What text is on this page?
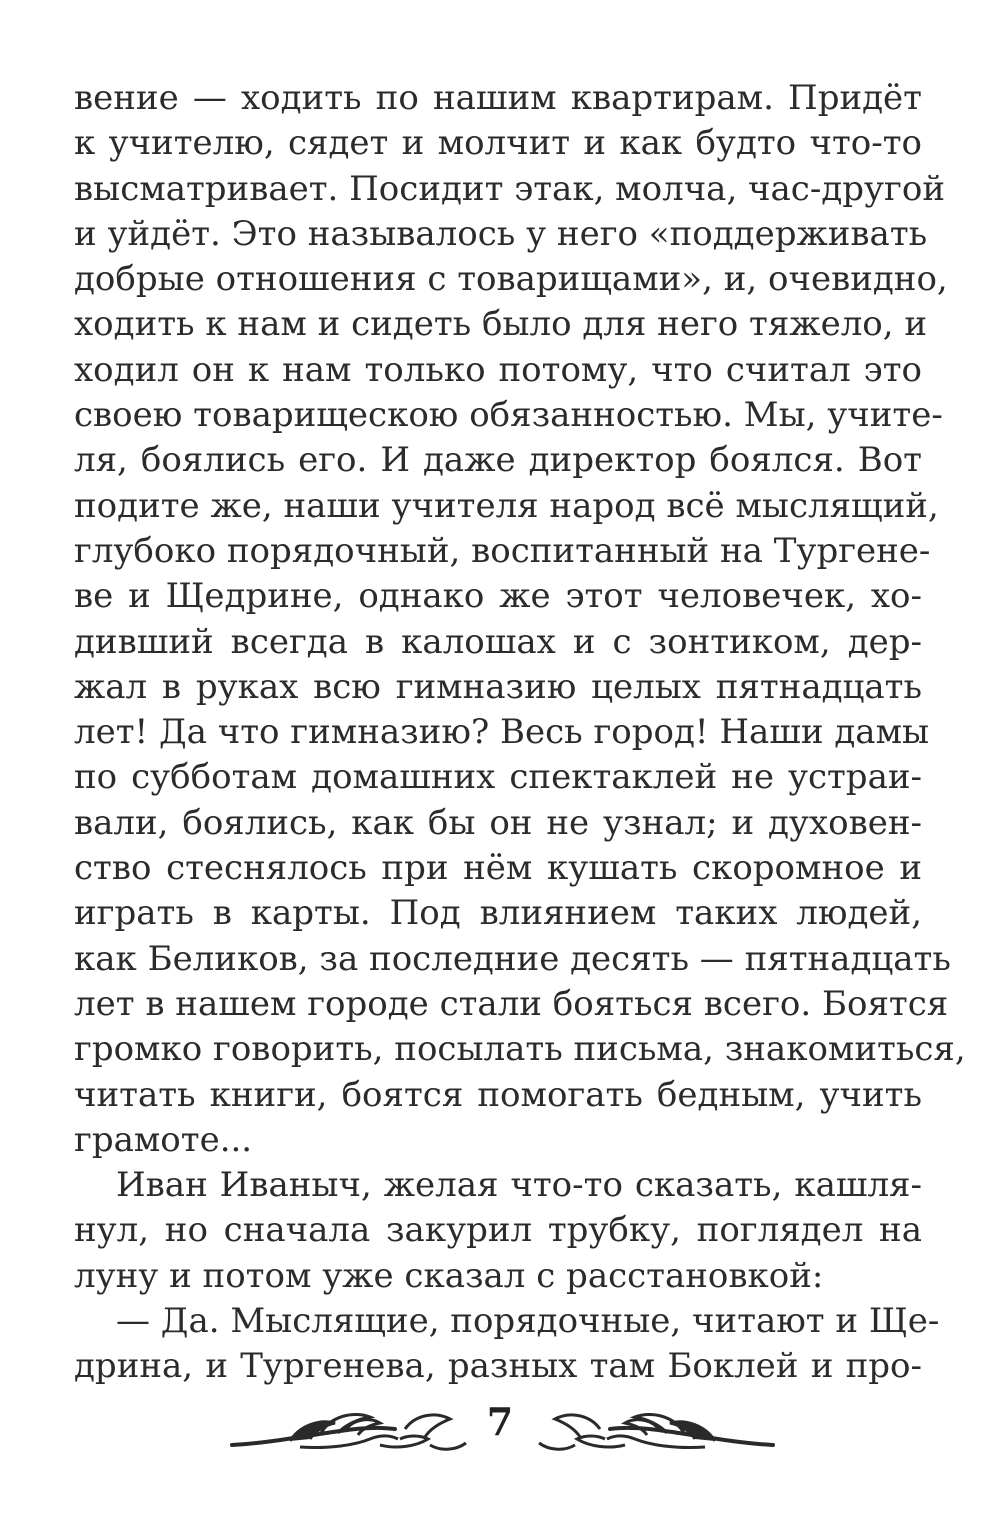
вение — ходить по нашим квартирам. Придёт
к учителю, сядет и молчит и как будто что-то
высматривает. Посидит этак, молча, час-другой
и уйдёт. Это называлось у него «поддерживать
добрые отношения с товарищами», и, очевидно,
ходить к нам и сидеть было для него тяжело, и
ходил он к нам только потому, что считал это
своею товарищескою обязанностью. Мы, учите-
ля, боялись его. И даже директор боялся. Вот
подите же, наши учителя народ всё мыслящий,
глубоко порядочный, воспитанный на Тургене-
ве и Щедрине, однако же этот человечек, хо-
дивший всегда в калошах и с зонтиком, дер-
жал в руках всю гимназию целых пятнадцать
лет! Да что гимназию? Весь город! Наши дамы
по субботам домашних спектаклей не устраи-
вали, боялись, как бы он не узнал; и духовен-
ство стеснялось при нём кушать скоромное и
играть в карты. Под влиянием таких людей,
как Беликов, за последние десять — пятнадцать
лет в нашем городе стали бояться всего. Боятся
громко говорить, посылать письма, знакомиться,
читать книги, боятся помогать бедным, учить
грамоте...
Иван Иваныч, желая что-то сказать, кашля-
нул, но сначала закурил трубку, поглядел на
луну и потом уже сказал с расстановкой:
— Да. Мыслящие, порядочные, читают и Ще-
дрина, и Тургенева, разных там Боклей и про-
7
